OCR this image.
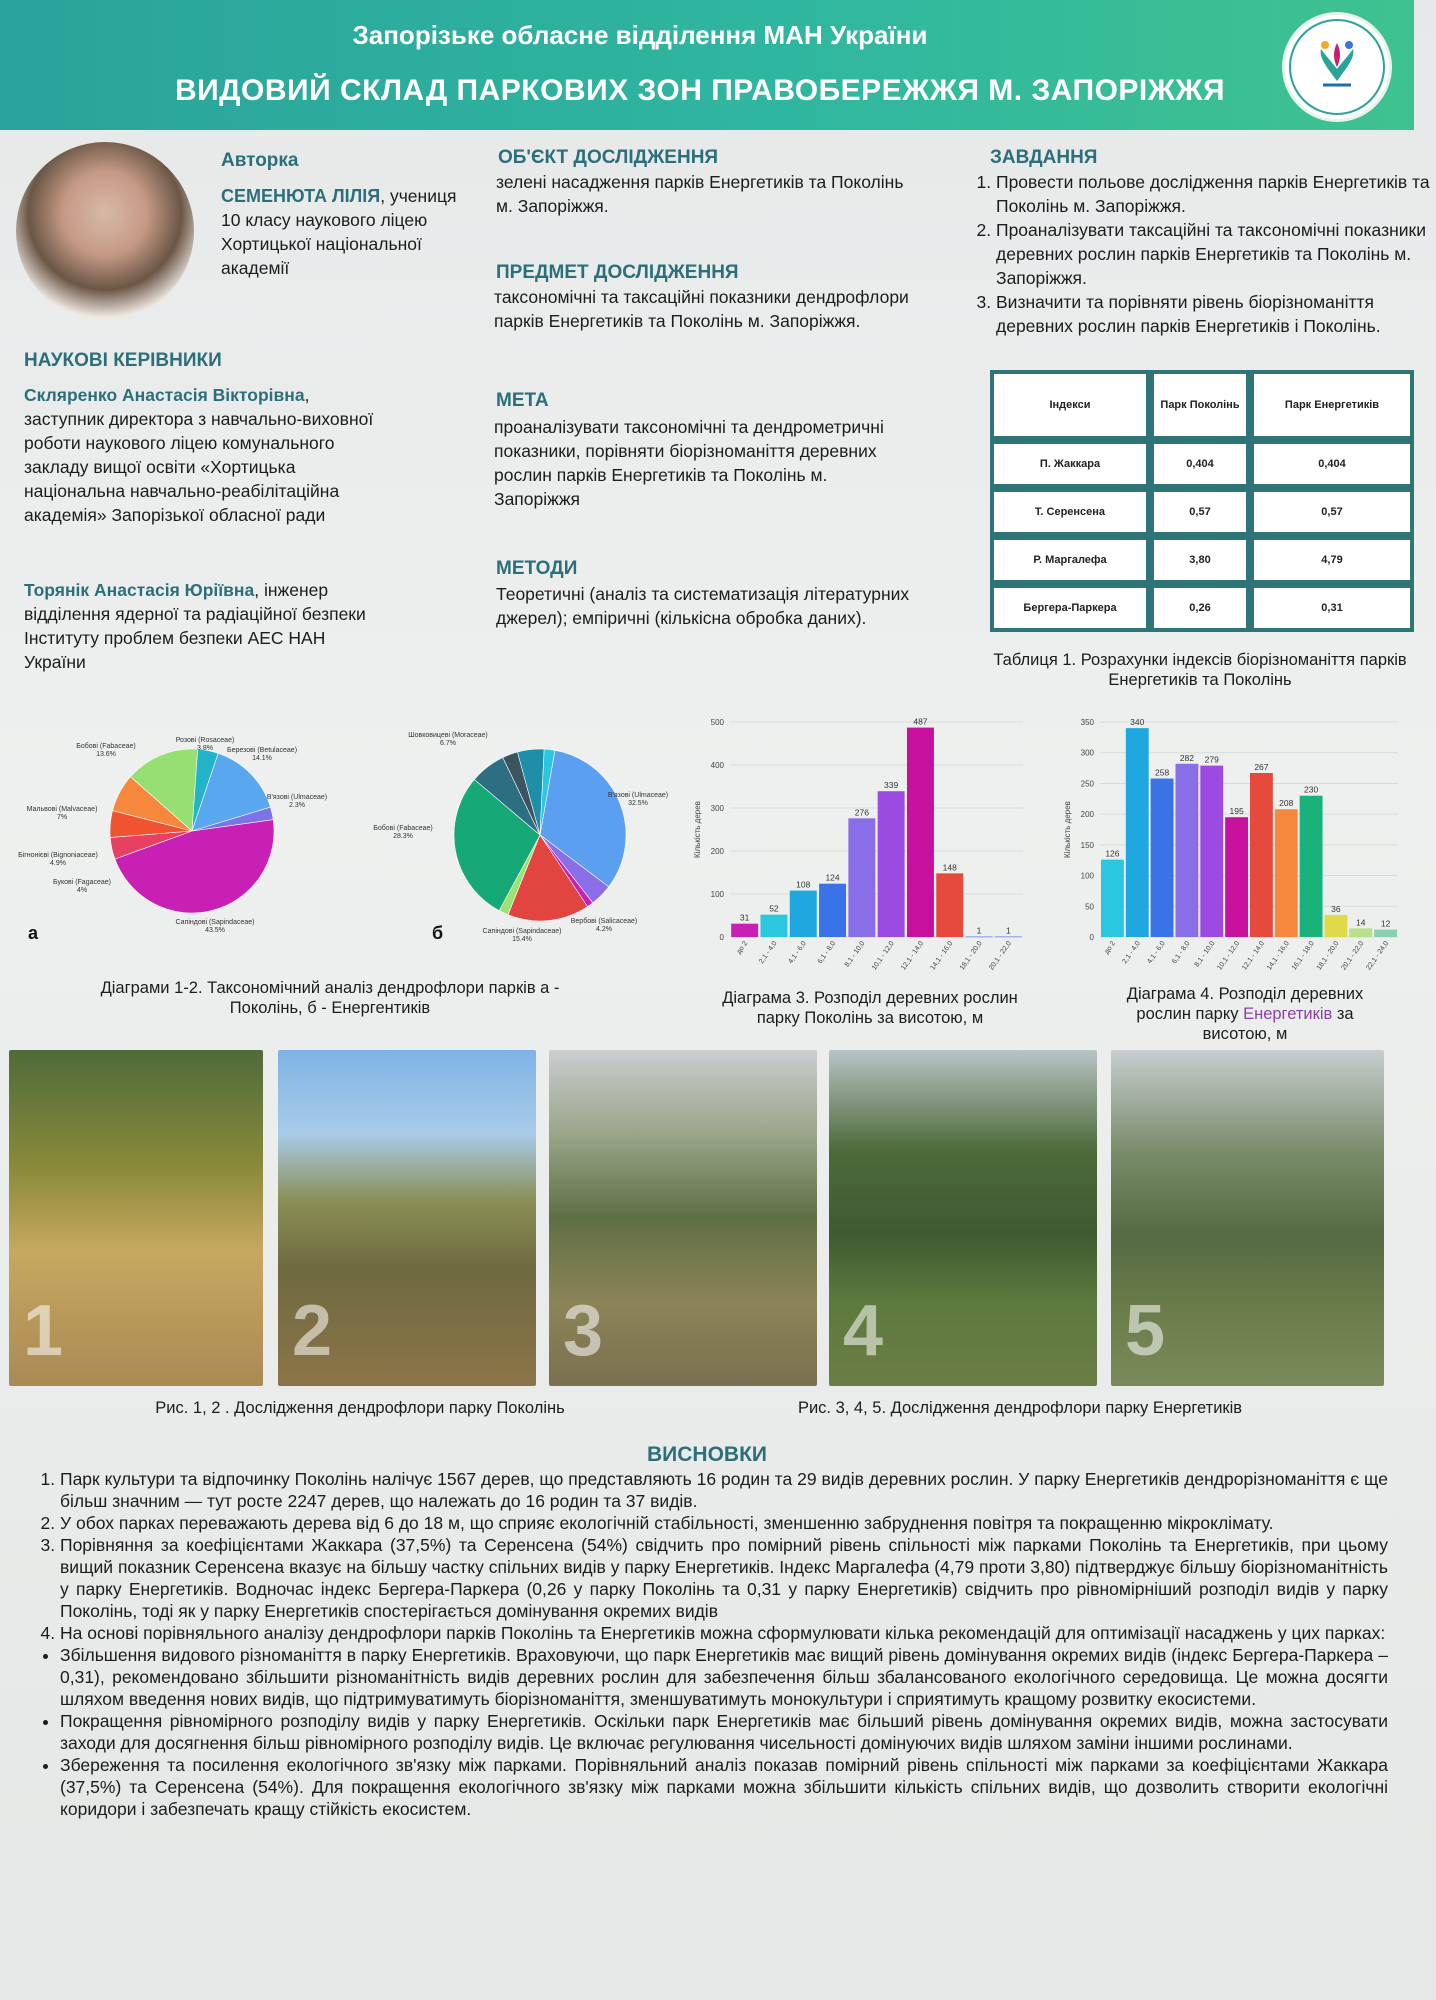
Запорізьке обласне відділення МАН України
ВИДОВИЙ СКЛАД ПАРКОВИХ ЗОН ПРАВОБЕРЕЖЖЯ М. ЗАПОРІЖЖЯ
Авторка
СЕМЕНЮТА ЛІЛІЯ, учениця 10 класу наукового ліцею Хортицької національної академії
НАУКОВІ КЕРІВНИКИ
Скляренко Анастасія Вікторівна, заступник директора з навчально-виховної роботи наукового ліцею комунального закладу вищої освіти «Хортицька національна навчально-реабілітаційна академія» Запорізької обласної ради
Торянік Анастасія Юріївна, інженер відділення ядерної та радіаційної безпеки Інституту проблем безпеки АЕС НАН України
ОБ'ЄКТ ДОСЛІДЖЕННЯ
зелені насадження парків Енергетиків та Поколінь м. Запоріжжя.
ПРЕДМЕТ ДОСЛІДЖЕННЯ
таксономічні та таксаційні показники дендрофлори парків Енергетиків та Поколінь м. Запоріжжя.
МЕТА
проаналізувати таксономічні та дендрометричні показники, порівняти біорізноманіття деревних рослин парків Енергетиків та Поколінь м. Запоріжжя
МЕТОДИ
Теоретичні (аналіз та систематизація літературних джерел); емпіричні (кількісна обробка даних).
ЗАВДАННЯ
1. Провести польове дослідження парків Енергетиків та Поколінь м. Запоріжжя.
2. Проаналізувати таксаційні та таксономічні показники деревних рослин парків Енергетиків та Поколінь м. Запоріжжя.
3. Визначити та порівняти рівень біорізноманіття деревних рослин парків Енергетиків і Поколінь.
Індекси	Парк Поколінь	Парк Енергетиків
П. Жаккара	0,404	0,404
Т. Серенсена	0,57	0,57
Р. Маргалефа	3,80	4,79
Бергера-Паркера	0,26	0,31
Таблиця 1. Розрахунки індексів біорізноманіття парків Енергетиків та Поколінь
Розові (Rosaceae)
3.8% Березові (Betulaceae)
14.1%
В'язові (Ulmaceae)
2.3%
Бобові (Fabaceae)
13.6%
Мальвові (Malvaceae)
7%
Бігнонієві (Bignoniaceae)
4.9%
Букові (Fagaceae)
4%
Сапіндові (Sapindaceae)
43.5%
а
Шовковицеві (Moraceae)
6.7%
В'язові (Ulmaceae)
32.5%
Бобові (Fabaceae)
28.3%
Вербові (Salicaceae)
4.2%
Сапіндові (Sapindaceae)
15.4%
б
Діаграми 1-2. Таксономічний аналіз дендрофлори парків а - Поколінь, б - Енергентиків
0
100
200
300
400
500
Кількість дерев
31
до 2
52
2,1 - 4,0
108
4,1 - 6,0
124
6,1 - 8,0
276
8,1 - 10,0
339
10,1 - 12,0
487
12,1 - 14,0
148
14,1 - 16,0
1
18,1 - 20,0
1
20,1 - 22,0
Діаграма 3. Розподіл деревних рослин парку Поколінь за висотою, м
0
50
100
150
200
250
300
350
Кількість дерев	126
до 2
340
2,1 - 4,0
258
4,1 - 6,0
282
6,1 - 8,0
279
8,1 - 10,0
195
10,1 - 12,0
267
12,1 - 14,0
208
14,1 - 16,0
230
16,1 - 18,0
36
18,1 - 20,0
14
20,1 - 22,0
12
22,1 - 24,0
Діаграма 4. Розподіл деревних рослин парку Енергетиків за висотою, м
1	2	3	4	5
Рис. 1, 2 . Дослідження дендрофлори парку Поколінь	Рис. 3, 4, 5. Дослідження дендрофлори парку Енергетиків
ВИСНОВКИ
1. Парк культури та відпочинку Поколінь налічує 1567 дерев, що представляють 16 родин та 29 видів деревних рослин. У парку Енергетиків дендрорізноманіття є ще більш значним — тут росте 2247 дерев, що належать до 16 родин та 37 видів.
2. У обох парках переважають дерева від 6 до 18 м, що сприяє екологічній стабільності, зменшенню забруднення повітря та покращенню мікроклімату.
3. Порівняння за коефіцієнтами Жаккара (37,5%) та Серенсена (54%) свідчить про помірний рівень спільності між парками Поколінь та Енергетиків, при цьому вищий показник Серенсена вказує на більшу частку спільних видів у парку Енергетиків. Індекс Маргалефа (4,79 проти 3,80) підтверджує більшу біорізноманітність у парку Енергетиків. Водночас індекс Бергера-Паркера (0,26 у парку Поколінь та 0,31 у парку Енергетиків) свідчить про рівномірніший розподіл видів у парку Поколінь, тоді як у парку Енергетиків спостерігається домінування окремих видів
4. На основі порівняльного аналізу дендрофлори парків Поколінь та Енергетиків можна сформулювати кілька рекомендацій для оптимізації насаджень у цих парках:
• Збільшення видового різноманіття в парку Енергетиків. Враховуючи, що парк Енергетиків має вищий рівень домінування окремих видів (індекс Бергера-Паркера – 0,31), рекомендовано збільшити різноманітність видів деревних рослин для забезпечення більш збалансованого екологічного середовища. Це можна досягти шляхом введення нових видів, що підтримуватимуть біорізноманіття, зменшуватимуть монокультури і сприятимуть кращому розвитку екосистеми.
• Покращення рівномірного розподілу видів у парку Енергетиків. Оскільки парк Енергетиків має більший рівень домінування окремих видів, можна застосувати заходи для досягнення більш рівномірного розподілу видів. Це включає регулювання чисельності домінуючих видів шляхом заміни іншими рослинами.
• Збереження та посилення екологічного зв'язку між парками. Порівняльний аналіз показав помірний рівень спільності між парками за коефіцієнтами Жаккара (37,5%) та Серенсена (54%). Для покращення екологічного зв'язку між парками можна збільшити кількість спільних видів, що дозволить створити екологічні коридори і забезпечать кращу стійкість екосистем.
